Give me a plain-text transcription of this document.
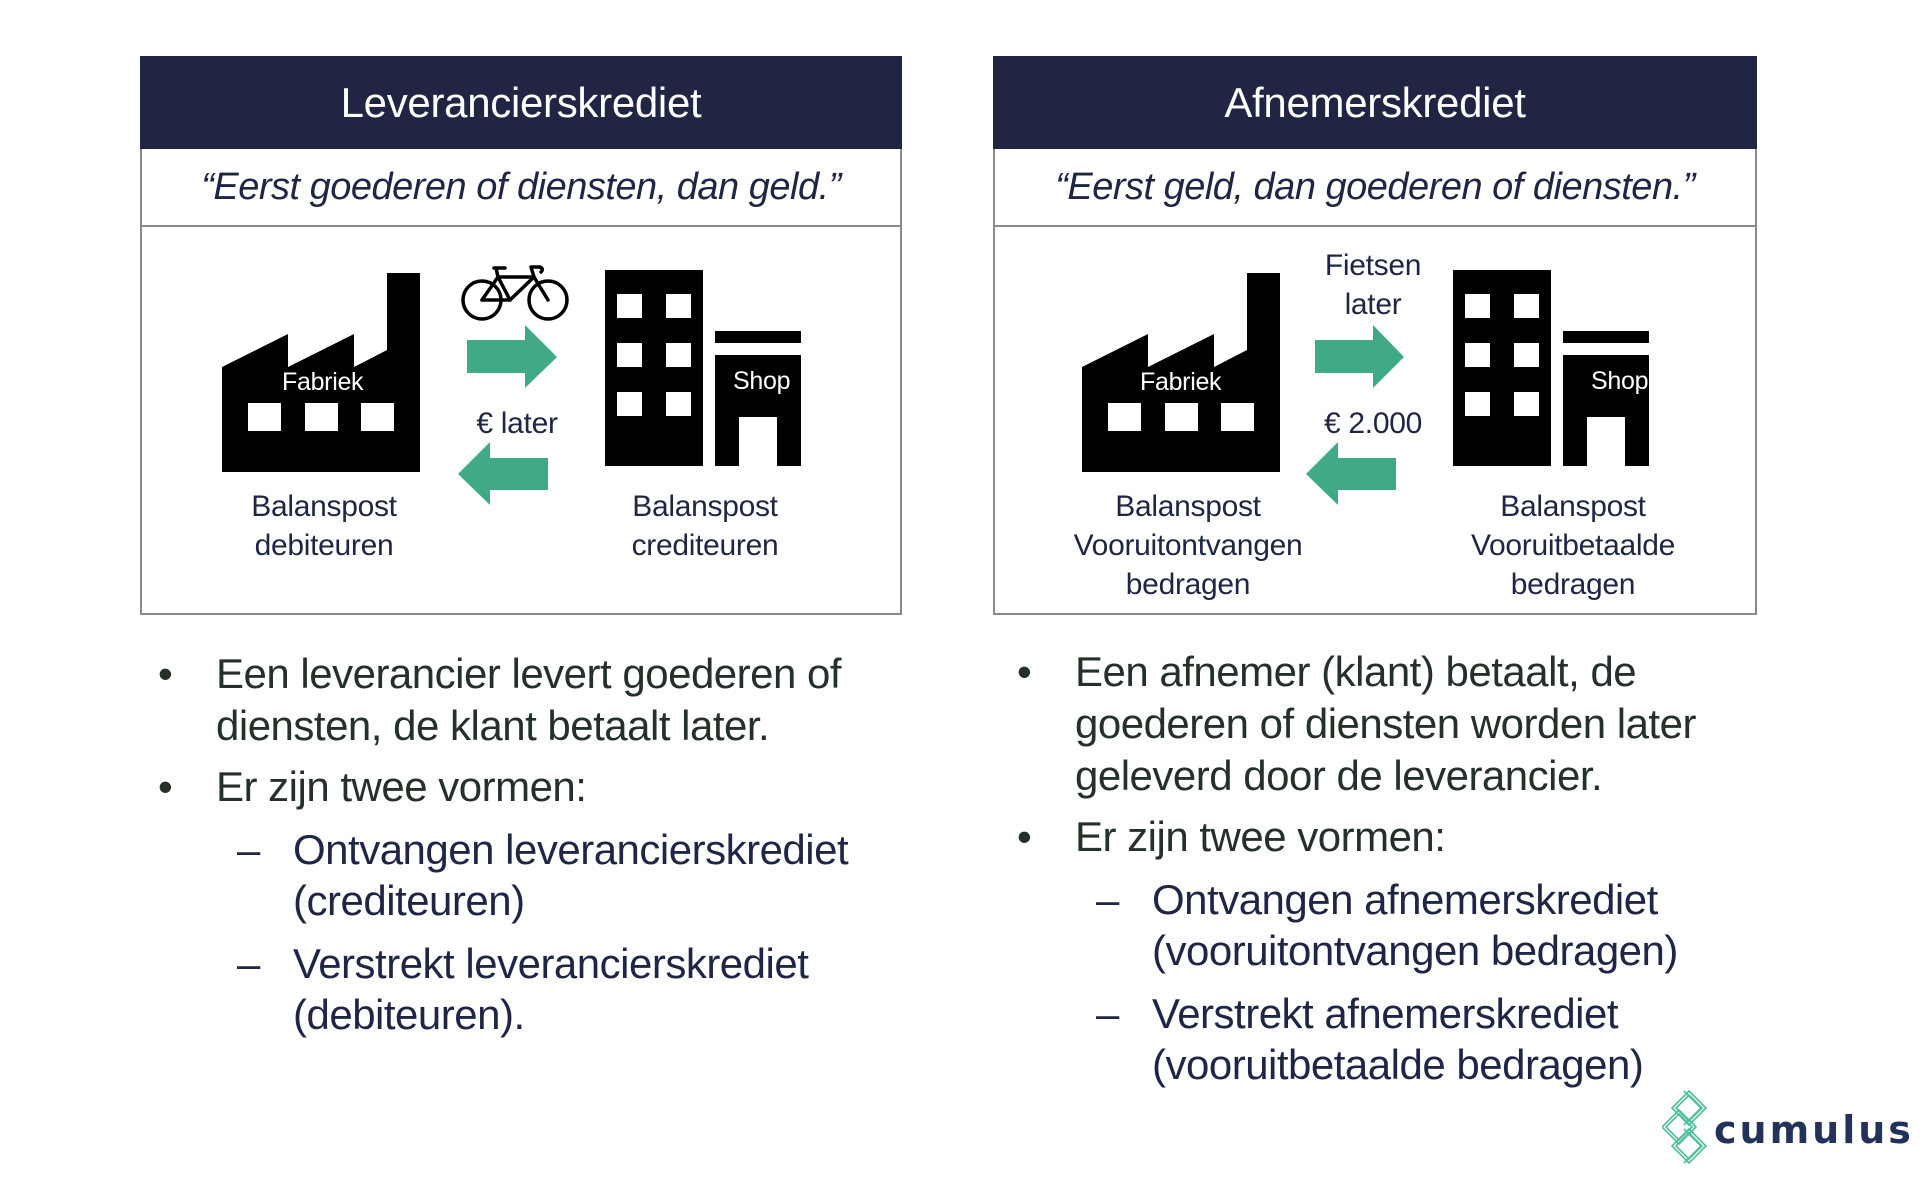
Leverancierskrediet
“Eerst goederen of diensten, dan geld.”
Fabriek	Shop
€ later
Balanspost
debiteuren
Balanspost
crediteuren
Afnemerskrediet
“Eerst geld, dan goederen of diensten.”
Fabriek	Shop
Fietsen
later
€ 2.000
Balanspost
Vooruitontvangen
bedragen
Balanspost
Vooruitbetaalde
bedragen
• Een leverancier levert goederen of
diensten, de klant betaalt later.
• Er zijn twee vormen:
– Ontvangen leverancierskrediet
(crediteuren)
– Verstrekt leverancierskrediet
(debiteuren).
• Een afnemer (klant) betaalt, de
goederen of diensten worden later
geleverd door de leverancier.
• Er zijn twee vormen:
– Ontvangen afnemerskrediet
(vooruitontvangen bedragen)
– Verstrekt afnemerskrediet
(vooruitbetaalde bedragen)
cumulus
